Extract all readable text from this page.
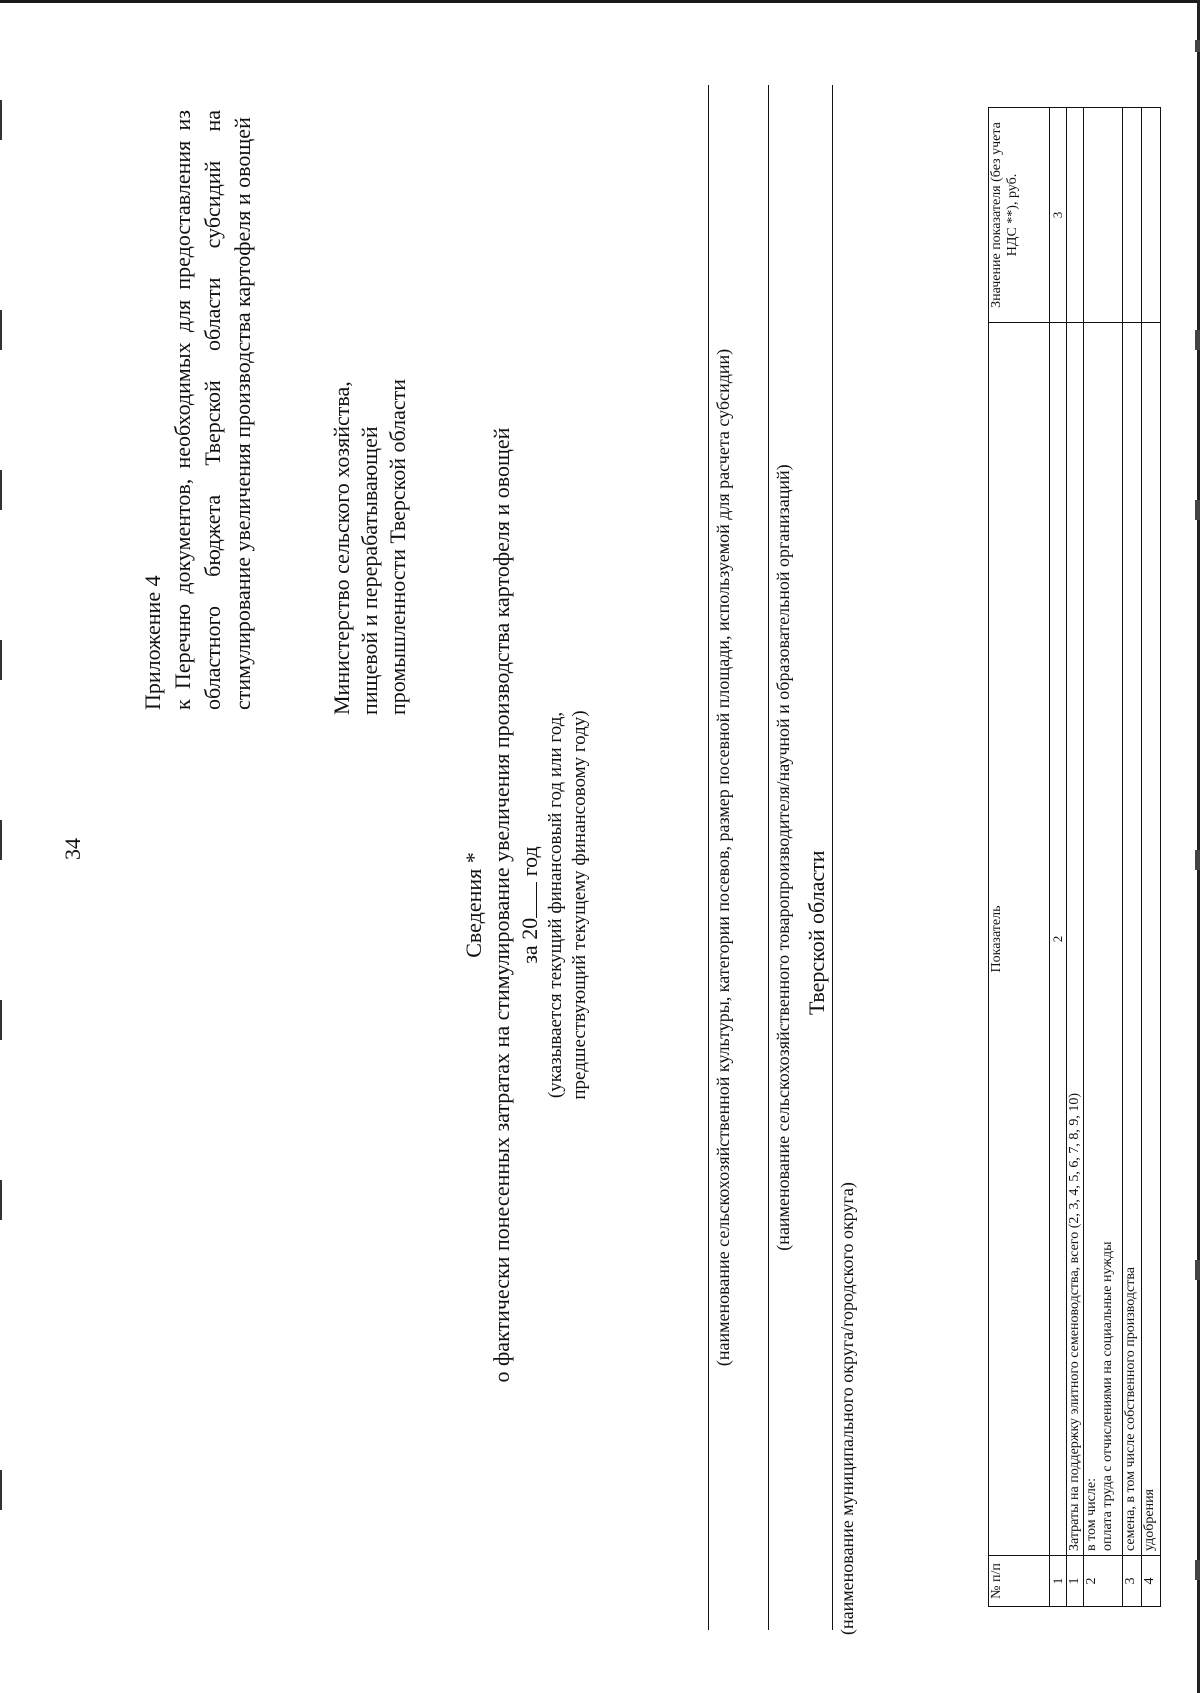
34
Приложение 4 к Перечню документов, необходимых для предоставления из областного бюджета Тверской области субсидий на стимулирование увеличения производства картофеля и овощей	Министерство сельского хозяйства, пищевой и перерабатывающей промышленности Тверской области
Сведения * о фактически понесенных затратах на стимулирование увеличения производства картофеля и овощей за 20 год (указывается текущий финансовый год или год, предшествующий текущему финансовому году)	(наименование сельскохозяйственной культуры, категории посевов, размер посевной площади, используемой для расчета субсидии) (наименование сельскохозяйственного товаропроизводителя/научной и образовательной организаций) Тверской области
(наименование муниципального округа/городского округа)	№ п/п	Показатель	Значение показателя (без учета НДС **), руб.
1	2	3
1	Затраты на поддержку элитного семеноводства, всего (2, 3, 4, 5, 6, 7, 8, 9, 10)	
2	в том числе: оплата труда с отчислениями на социальные нужды	

3	семена, в том числе собственного производства	
4	удобрения	
